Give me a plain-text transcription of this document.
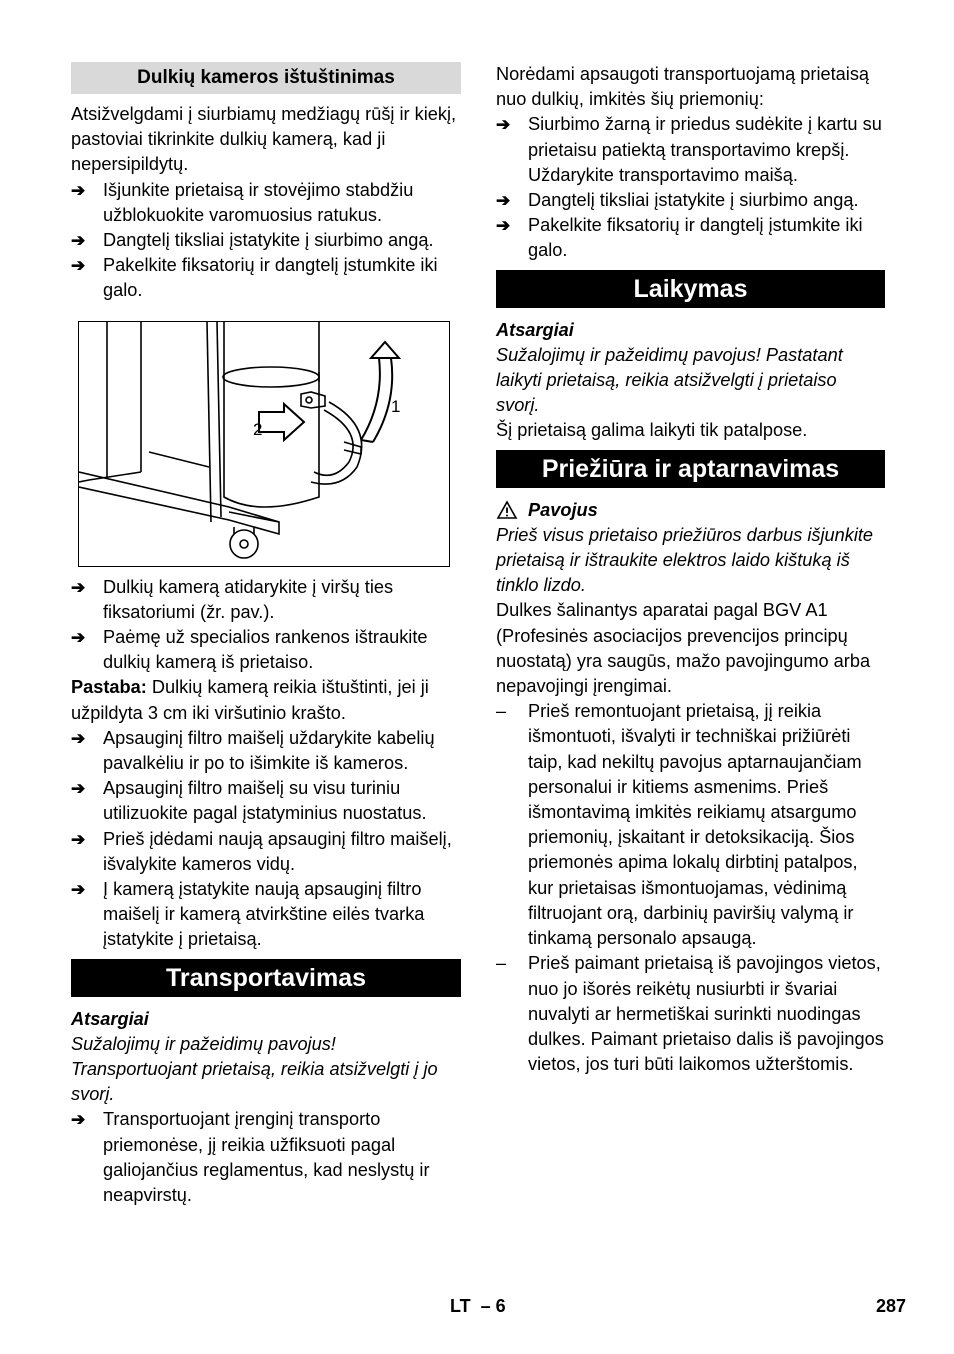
Dulkių kameros ištuštinimas

Atsižvelgdami į siurbiamų medžiagų rūšį ir kiekį, pastoviai tikrinkite dulkių kamerą, kad ji nepersipildytų.

➔ Išjunkite prietaisą ir stovėjimo stabdžiu užblokuokite varomuosius ratukus.
➔ Dangtelį tiksliai įstatykite į siurbimo angą.
➔ Pakelkite fiksatorių ir dangtelį įstumkite iki galo.
2
1
➔ Dulkių kamerą atidarykite į viršų ties fiksatoriumi (žr. pav.).
➔ Paėmę už specialios rankenos ištraukite dulkių kamerą iš prietaiso.

Pastaba: Dulkių kamerą reikia ištuštinti, jei ji užpildyta 3 cm iki viršutinio krašto.

➔ Apsauginį filtro maišelį uždarykite kabelių pavalkėliu ir po to išimkite iš kameros.
➔ Apsauginį filtro maišelį su visu turiniu utilizuokite pagal įstatyminius nuostatus.
➔ Prieš įdėdami naują apsauginį filtro maišelį, išvalykite kameros vidų.
➔ Į kamerą įstatykite naują apsauginį filtro maišelį ir kamerą atvirkštine eilės tvarka įstatykite į prietaisą.
Transportavimas
Atsargiai

Sužalojimų ir pažeidimų pavojus! Transportuojant prietaisą, reikia atsižvelgti į jo svorį.

➔ Transportuojant įrenginį transporto priemonėse, jį reikia užfiksuoti pagal galiojančius reglamentus, kad neslystų ir neapvirstų.

Norėdami apsaugoti transportuojamą prietaisą nuo dulkių, imkitės šių priemonių:

➔ Siurbimo žarną ir priedus sudėkite į kartu su prietaisu patiektą transportavimo krepšį. Uždarykite transportavimo maišą.
➔ Dangtelį tiksliai įstatykite į siurbimo angą.
➔ Pakelkite fiksatorių ir dangtelį įstumkite iki galo.
Laikymas
Atsargiai

Sužalojimų ir pažeidimų pavojus! Pastatant laikyti prietaisą, reikia atsižvelgti į prietaiso svorį.

Šį prietaisą galima laikyti tik patalpose.

Priežiūra ir aptarnavimas
Pavojus

Prieš visus prietaiso priežiūros darbus išjunkite prietaisą ir ištraukite elektros laido kištuką iš tinklo lizdo.

Dulkes šalinantys aparatai pagal BGV A1 (Profesinės asociacijos prevencijos principų nuostatą) yra saugūs, mažo pavojingumo arba nepavojingi įrengimai.

–	Prieš remontuojant prietaisą, jį reikia išmontuoti, išvalyti ir techniškai prižiūrėti taip, kad nekiltų pavojus aptarnaujančiam personalui ir kitiems asmenims. Prieš išmontavimą imkitės reikiamų atsargumo priemonių, įskaitant ir detoksikaciją. Šios priemonės apima lokalų dirbtinį patalpos, kur prietaisas išmontuojamas, vėdinimą filtruojant orą, darbinių paviršių valymą ir tinkamą personalo apsaugą.
–	Prieš paimant prietaisą iš pavojingos vietos, nuo jo išorės reikėtų nusiurbti ir švariai nuvalyti ar hermetiškai surinkti nuodingas dulkes. Paimant prietaiso dalis iš pavojingos vietos, jos turi būti laikomos užterštomis.
LT – 6	287
